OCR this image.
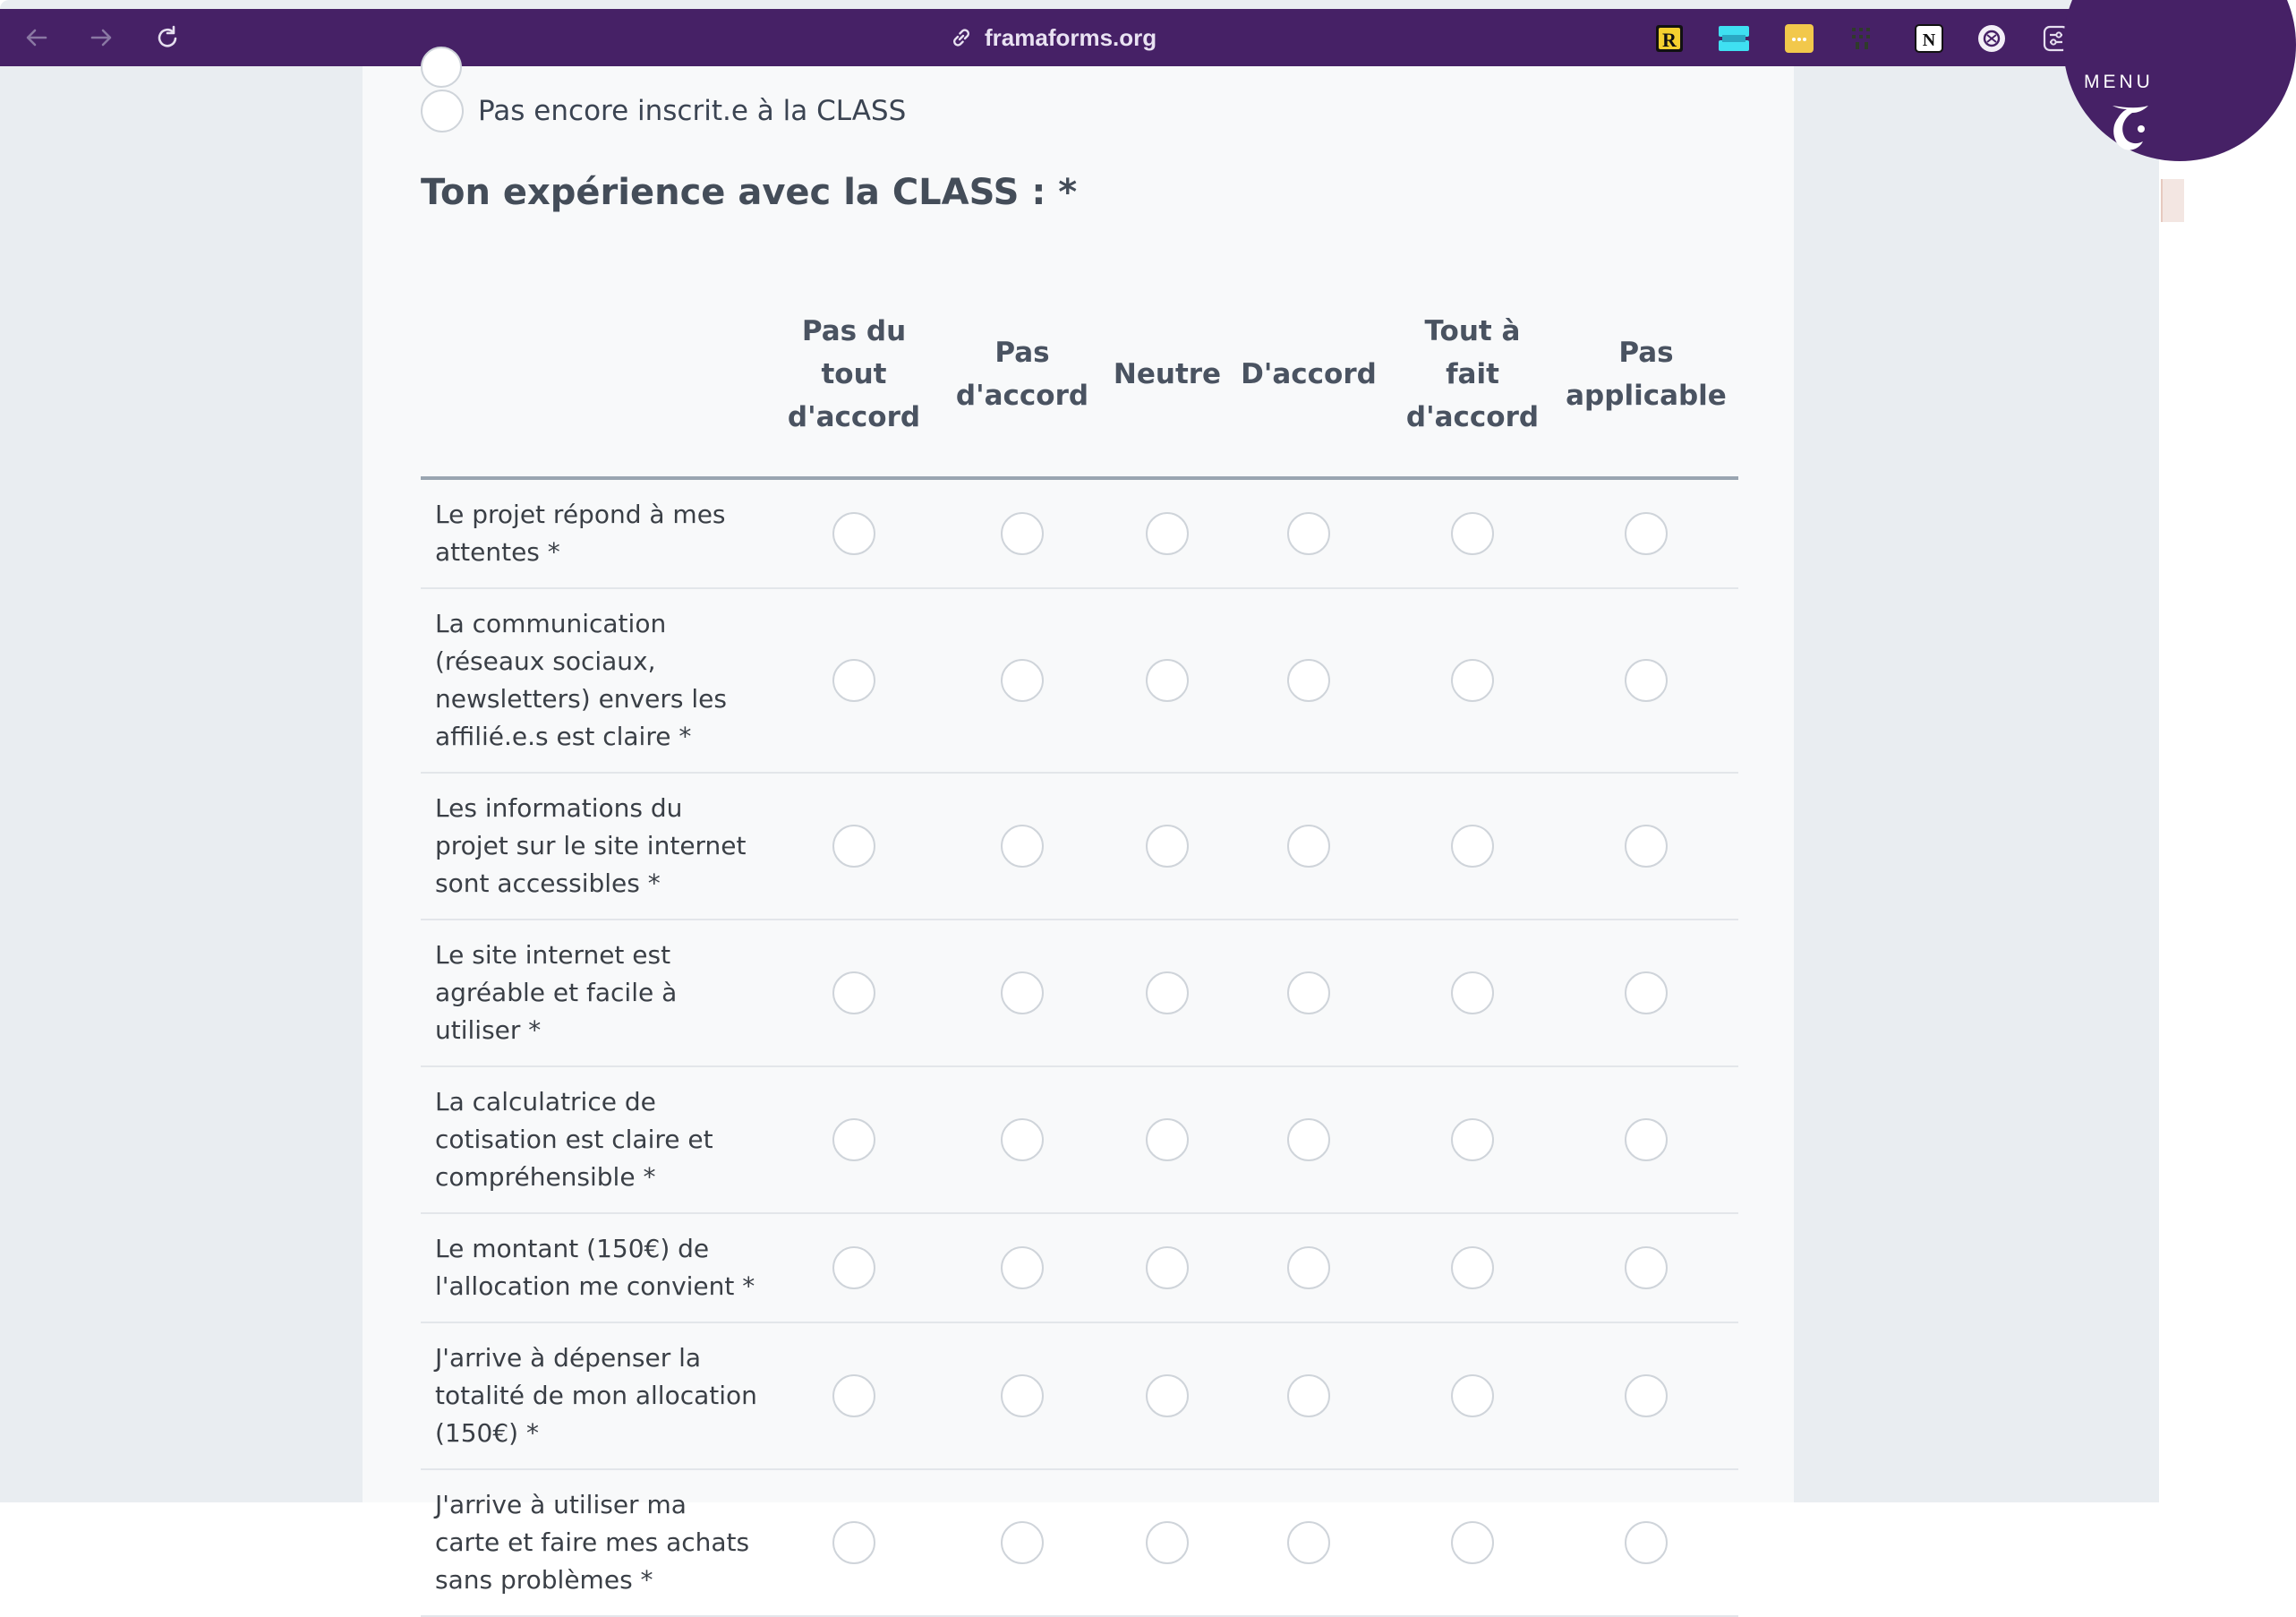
framaforms.org	R	N
Pas encore inscrit.e à la CLASS
Ton expérience avec la CLASS : *
	Pas du tout d'accord	Pas d'accord	Neutre	D'accord	Tout à fait d'accord	Pas applicable
Le projet répond à mes attentes *						
La communication (réseaux sociaux, newsletters) envers les affilié.e.s est claire *						
Les informations du projet sur le site internet sont accessibles *						
Le site internet est agréable et facile à utiliser *						
La calculatrice de cotisation est claire et compréhensible *						
Le montant (150€) de l'allocation me convient *						
J'arrive à dépenser la totalité de mon allocation (150€) *						
J'arrive à utiliser ma carte et faire mes achats sans problèmes *						
MENU
